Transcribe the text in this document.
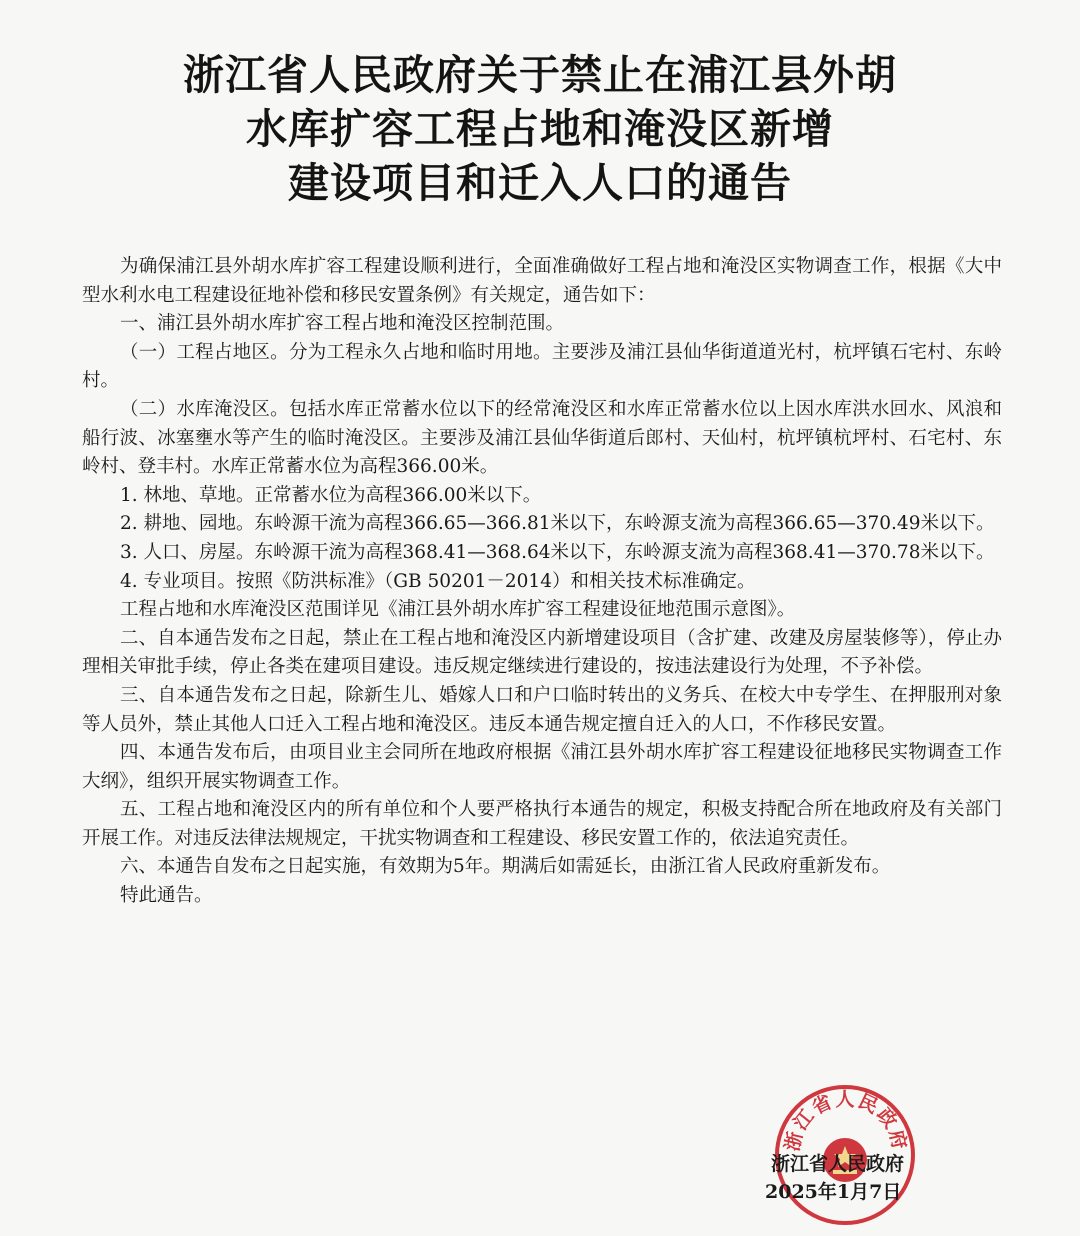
浙江省人民政府关于禁止在浦江县外胡
水库扩容工程占地和淹没区新增
建设项目和迁入人口的通告

为确保浦江县外胡水库扩容工程建设顺利进行，全面准确做好工程占地和淹没区实物调查工作，根据《大中型水利水电工程建设征地补偿和移民安置条例》有关规定，通告如下：

一、浦江县外胡水库扩容工程占地和淹没区控制范围。

（一）工程占地区。分为工程永久占地和临时用地。主要涉及浦江县仙华街道道光村，杭坪镇石宅村、东岭村。

（二）水库淹没区。包括水库正常蓄水位以下的经常淹没区和水库正常蓄水位以上因水库洪水回水、风浪和船行波、冰塞壅水等产生的临时淹没区。主要涉及浦江县仙华街道后郎村、天仙村，杭坪镇杭坪村、石宅村、东岭村、登丰村。水库正常蓄水位为高程366.00米。

1. 林地、草地。正常蓄水位为高程366.00米以下。

2. 耕地、园地。东岭源干流为高程366.65—366.81米以下，东岭源支流为高程366.65—370.49米以下。

3. 人口、房屋。东岭源干流为高程368.41—368.64米以下，东岭源支流为高程368.41—370.78米以下。

4. 专业项目。按照《防洪标准》（GB 50201－2014）和相关技术标准确定。

工程占地和水库淹没区范围详见《浦江县外胡水库扩容工程建设征地范围示意图》。

二、自本通告发布之日起，禁止在工程占地和淹没区内新增建设项目（含扩建、改建及房屋装修等），停止办理相关审批手续，停止各类在建项目建设。违反规定继续进行建设的，按违法建设行为处理，不予补偿。

三、自本通告发布之日起，除新生儿、婚嫁人口和户口临时转出的义务兵、在校大中专学生、在押服刑对象等人员外，禁止其他人口迁入工程占地和淹没区。违反本通告规定擅自迁入的人口，不作移民安置。

四、本通告发布后，由项目业主会同所在地政府根据《浦江县外胡水库扩容工程建设征地移民实物调查工作大纲》，组织开展实物调查工作。

五、工程占地和淹没区内的所有单位和个人要严格执行本通告的规定，积极支持配合所在地政府及有关部门开展工作。对违反法律法规规定，干扰实物调查和工程建设、移民安置工作的，依法追究责任。

六、本通告自发布之日起实施，有效期为5年。期满后如需延长，由浙江省人民政府重新发布。

特此通告。

浙江省人民政府
浙江省人民政府
2025年1月7日
